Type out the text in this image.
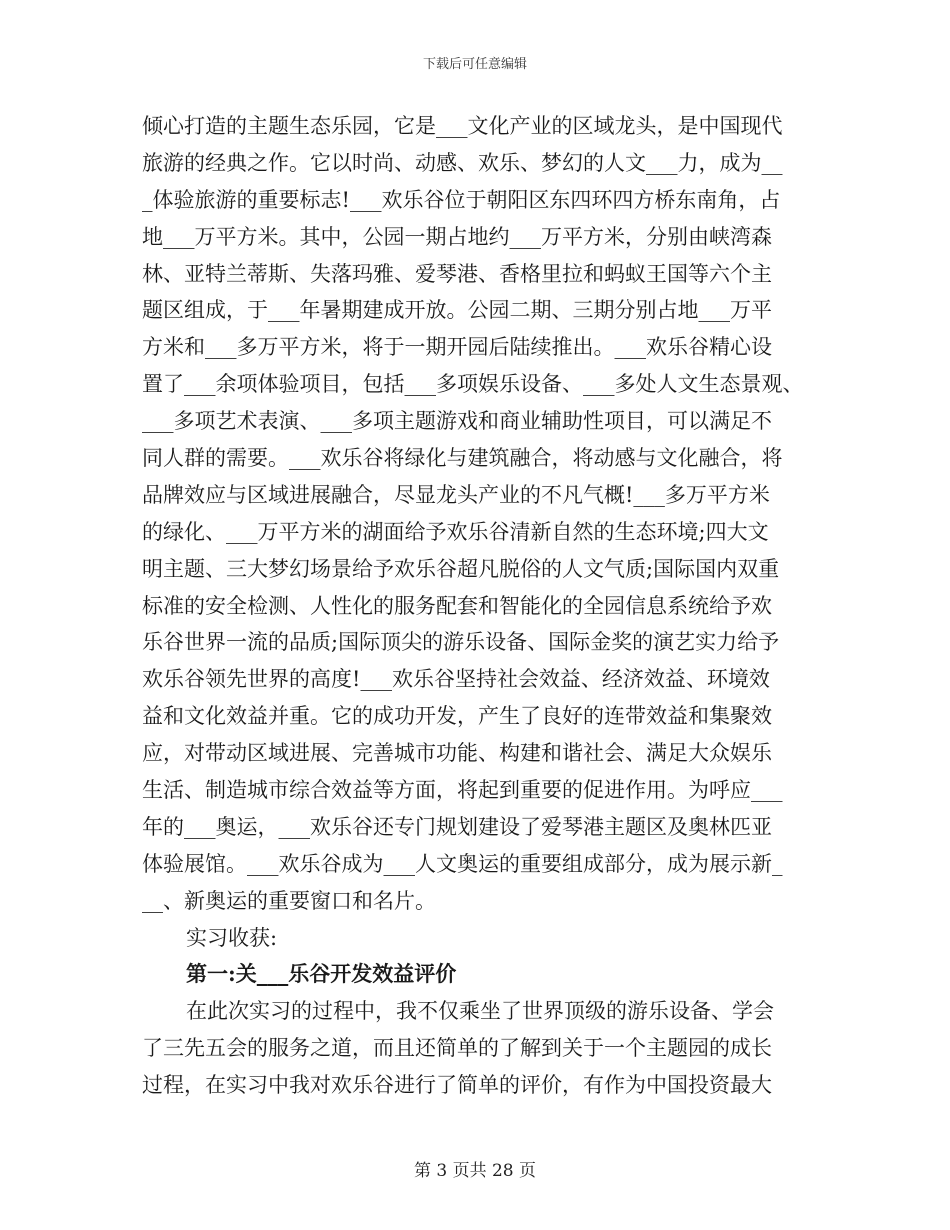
下载后可任意编辑
倾心打造的主题生态乐园，它是___文化产业的区域龙头，是中国现代
旅游的经典之作。它以时尚、动感、欢乐、梦幻的人文___力，成为__
_体验旅游的重要标志!___欢乐谷位于朝阳区东四环四方桥东南角，占
地___万平方米。其中，公园一期占地约___万平方米，分别由峡湾森
林、亚特兰蒂斯、失落玛雅、爱琴港、香格里拉和蚂蚁王国等六个主
题区组成，于___年暑期建成开放。公园二期、三期分别占地___万平
方米和___多万平方米，将于一期开园后陆续推出。___欢乐谷精心设
置了___余项体验项目，包括___多项娱乐设备、___多处人文生态景观、
___多项艺术表演、___多项主题游戏和商业辅助性项目，可以满足不
同人群的需要。___欢乐谷将绿化与建筑融合，将动感与文化融合，将
品牌效应与区域进展融合，尽显龙头产业的不凡气概!___多万平方米
的绿化、___万平方米的湖面给予欢乐谷清新自然的生态环境;四大文
明主题、三大梦幻场景给予欢乐谷超凡脱俗的人文气质;国际国内双重
标准的安全检测、人性化的服务配套和智能化的全园信息系统给予欢
乐谷世界一流的品质;国际顶尖的游乐设备、国际金奖的演艺实力给予
欢乐谷领先世界的高度!___欢乐谷坚持社会效益、经济效益、环境效
益和文化效益并重。它的成功开发，产生了良好的连带效益和集聚效
应，对带动区域进展、完善城市功能、构建和谐社会、满足大众娱乐
生活、制造城市综合效益等方面，将起到重要的促进作用。为呼应___
年的___奥运，___欢乐谷还专门规划建设了爱琴港主题区及奥林匹亚
体验展馆。___欢乐谷成为___人文奥运的重要组成部分，成为展示新_
__、新奥运的重要窗口和名片。
实习收获:
第一:关___乐谷开发效益评价
在此次实习的过程中，我不仅乘坐了世界顶级的游乐设备、学会
了三先五会的服务之道，而且还简单的了解到关于一个主题园的成长
过程，在实习中我对欢乐谷进行了简单的评价，有作为中国投资最大
第 3 页共 28 页
